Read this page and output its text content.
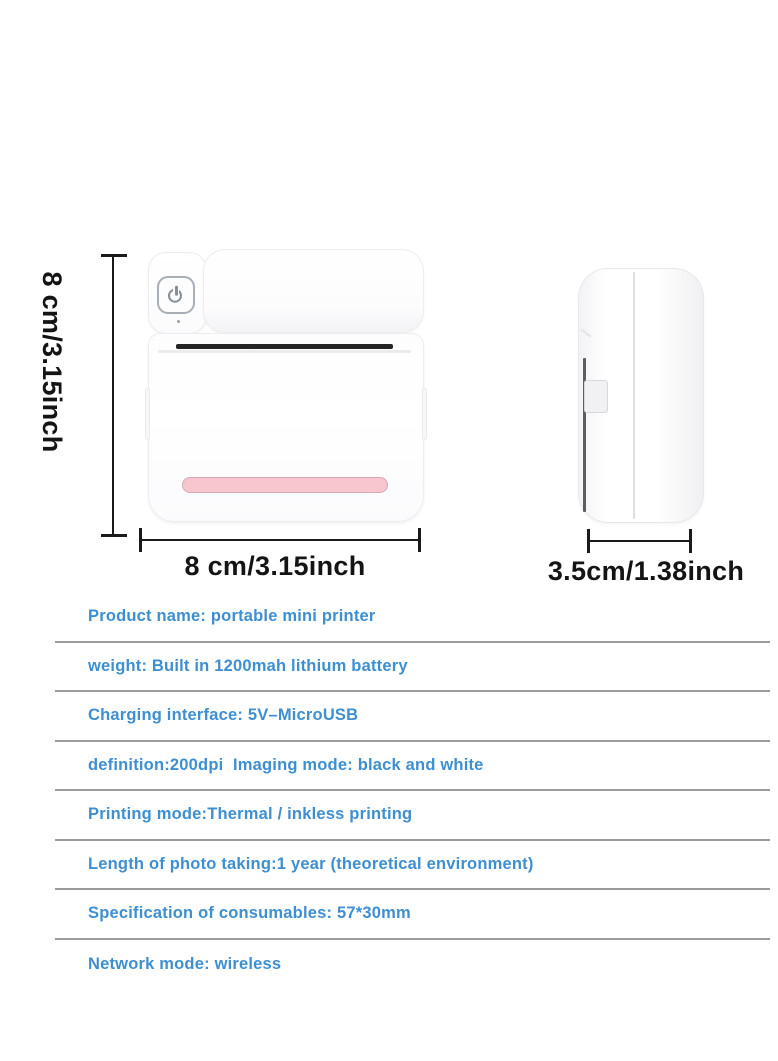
8 cm/3.15inch
8 cm/3.15inch	3.5cm/1.38inch
Product name: portable mini printer
weight: Built in 1200mah lithium battery
Charging interface: 5V–MicroUSB
definition:200dpi  Imaging mode: black and white
Printing mode:Thermal / inkless printing
Length of photo taking:1 year (theoretical environment)
Specification of consumables: 57*30mm
Network mode: wireless
